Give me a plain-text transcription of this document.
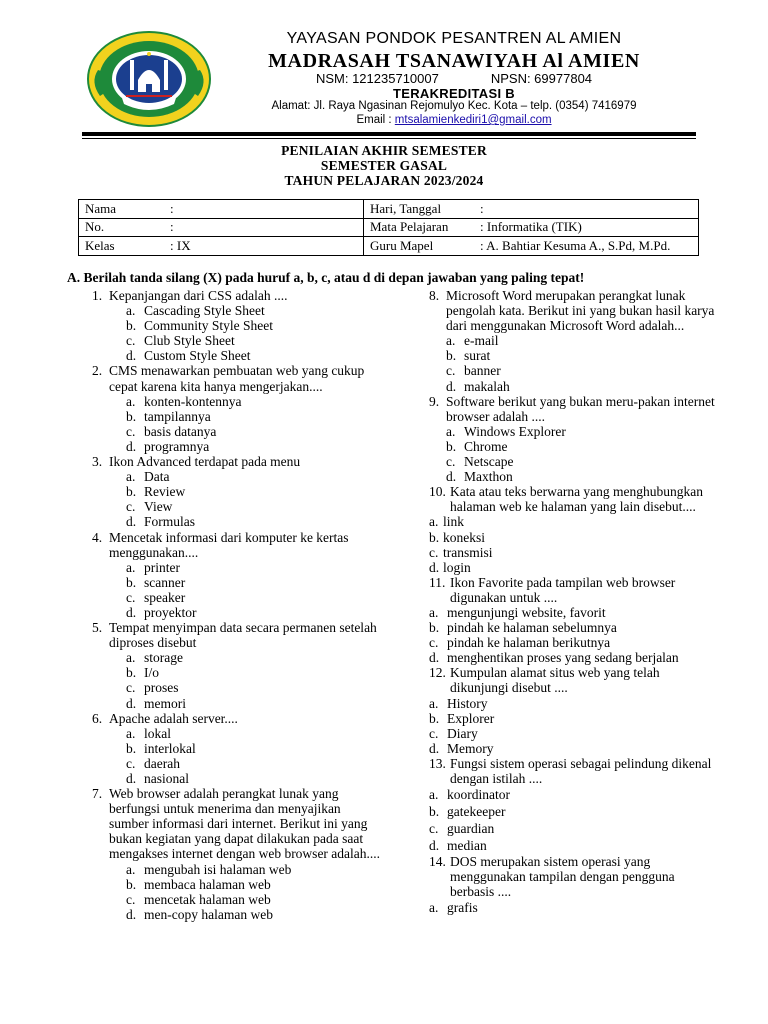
YAYASAN PONDOK PESANTREN AL AMIEN
MADRASAH TSANAWIYAH Al AMIEN
NSM: 121235710007	NPSN: 69977804
TERAKREDITASI B
Alamat: Jl. Raya Ngasinan Rejomulyo Kec. Kota – telp. (0354) 7416979
Email : mtsalamienkediri1@gmail.com
PENILAIAN AKHIR SEMESTER
SEMESTER GASAL
TAHUN PELAJARAN 2023/2024
Nama :	Hari, Tanggal :
No. :	Mata Pelajaran : Informatika (TIK)
Kelas : IX	Guru Mapel : A. Bahtiar Kesuma A., S.Pd, M.Pd.
A. Berilah tanda silang (X) pada huruf a, b, c, atau d di depan jawaban yang paling tepat!
1. Kepanjangan dari CSS adalah ....
a. Cascading Style Sheet
b. Community Style Sheet
c. Club Style Sheet
d. Custom Style Sheet
2. CMS menawarkan pembuatan web yang cukup cepat karena kita hanya mengerjakan....
a. konten-kontennya
b. tampilannya
c. basis datanya
d. programnya
3. Ikon Advanced terdapat pada menu
a. Data
b. Review
c. View
d. Formulas
4. Mencetak informasi dari komputer ke kertas menggunakan....
a. printer
b. scanner
c. speaker
d. proyektor
5. Tempat menyimpan data secara permanen setelah diproses disebut
a. storage
b. I/o
c. proses
d. memori
6. Apache adalah server....
a. lokal
b. interlokal
c. daerah
d. nasional
7. Web browser adalah perangkat lunak yang berfungsi untuk menerima dan menyajikan sumber informasi dari internet. Berikut ini yang bukan kegiatan yang dapat dilakukan pada saat mengakses internet dengan web browser adalah....
a. mengubah isi halaman web
b. membaca halaman web
c. mencetak halaman web
d. men-copy halaman web
8. Microsoft Word merupakan perangkat lunak pengolah kata. Berikut ini yang bukan hasil karya dari menggunakan Microsoft Word adalah...
a. e-mail
b. surat
c. banner
d. makalah
9. Software berikut yang bukan meru-pakan internet browser adalah ....
a. Windows Explorer
b. Chrome
c. Netscape
d. Maxthon
10. Kata atau teks berwarna yang menghubungkan halaman web ke halaman yang lain disebut....
a. link
b. koneksi
c. transmisi
d. login
11. Ikon Favorite pada tampilan web browser digunakan untuk ....
a. mengunjungi website, favorit
b. pindah ke halaman sebelumnya
c. pindah ke halaman berikutnya
d. menghentikan proses yang sedang berjalan
12. Kumpulan alamat situs web yang telah dikunjungi disebut ....
a. History
b. Explorer
c. Diary
d. Memory
13. Fungsi sistem operasi sebagai pelindung dikenal dengan istilah ....
a. koordinator
b. gatekeeper
c. guardian
d. median
14. DOS merupakan sistem operasi yang menggunakan tampilan dengan pengguna berbasis ....
a. grafis
